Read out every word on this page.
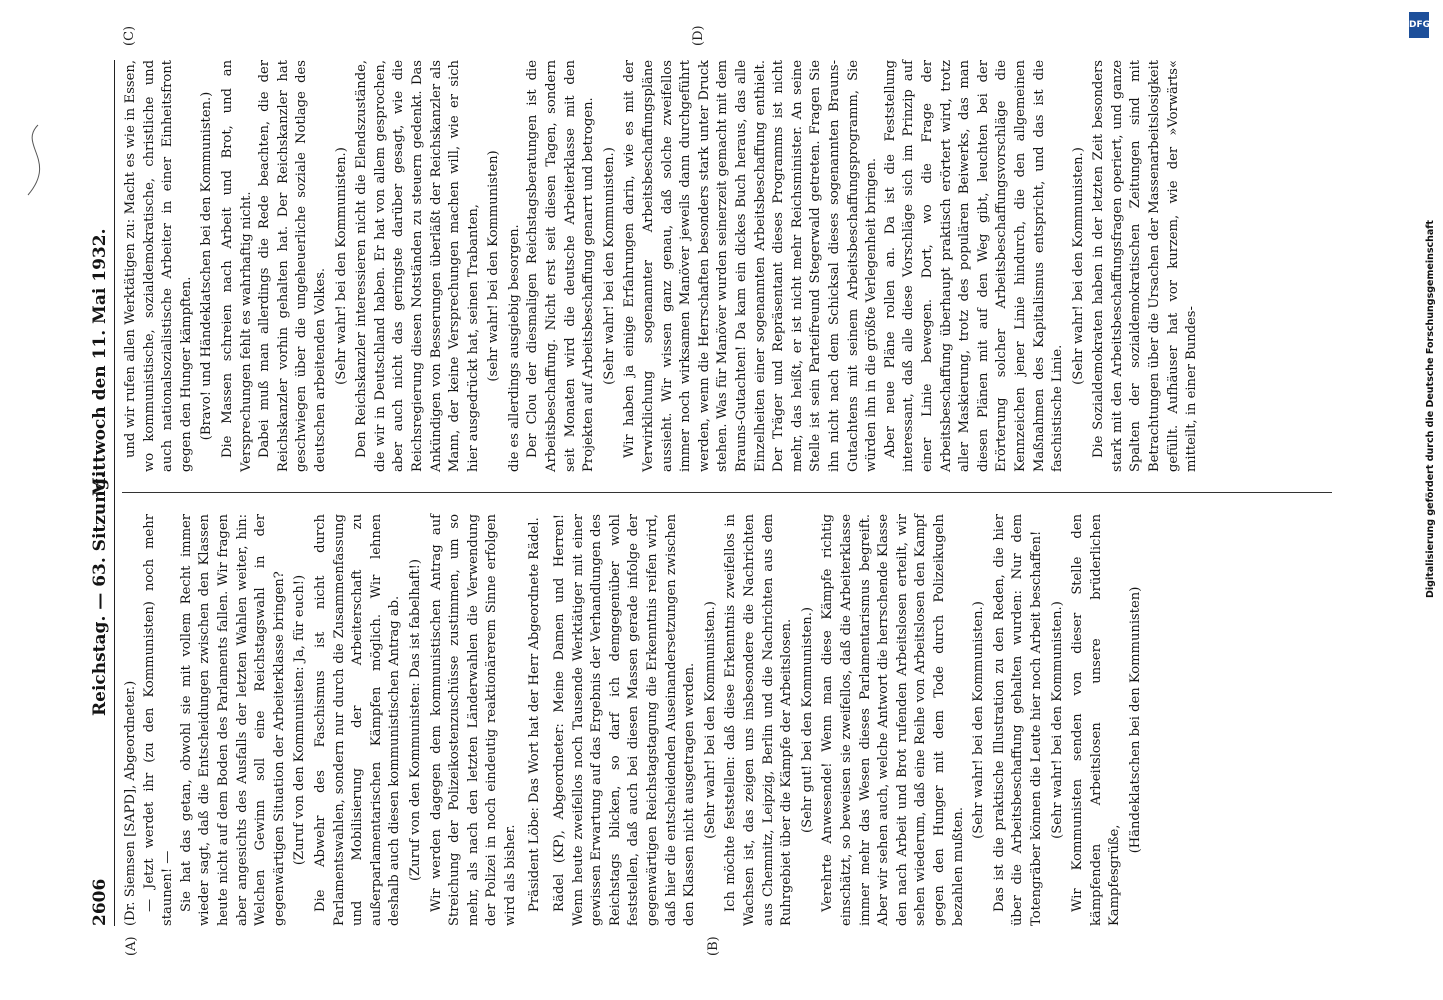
2606
Reichstag. — 63. Sitzung.
Mittwoch den 11. Mai 1932.
(A)	(B)
(C)	(D)

(Dr. Siemsen [SAPD], Abgeordneter.) — Jetzt werdet ihr (zu den Kommunisten) noch mehr staunen! — Sie hat das getan, obwohl sie mit vollem Recht immer wieder sagt, daß die Entscheidungen zwischen den Klassen heute nicht auf dem Boden des Parlaments fallen. Wir fragen aber angesichts des Ausfalls der letzten Wahlen weiter, hin: Welchen Gewinn soll eine Reichstagswahl in der gegenwärtigen Situation der Arbeiterklasse bringen? (Zuruf von den Kommunisten: Ja, für euch!) Die Abwehr des Faschismus ist nicht durch Parlamentswahlen, sondern nur durch die Zusammenfassung und Mobilisierung der Arbeiterschaft zu außerparlamentarischen Kämpfen möglich. Wir lehnen deshalb auch diesen kommunistischen Antrag ab. (Zuruf von den Kommunisten: Das ist fabelhaft!) Wir werden dagegen dem kommunistischen Antrag auf Streichung der Polizeikostenzuschüsse zustimmen, um so mehr, als nach den letzten Länderwahlen die Verwendung der Polizei in noch eindeutig reaktionärerem Sinne erfolgen wird als bisher. Präsident Löbe: Das Wort hat der Herr Abgeordnete Rädel. Rädel (KP), Abgeordneter: Meine Damen und Herren! Wenn heute zweifellos noch Tausende Werktätiger mit einer gewissen Erwartung auf das Ergebnis der Verhandlungen des Reichstags blicken, so darf ich demgegenüber wohl feststellen, daß auch bei diesen Massen gerade infolge der gegenwärtigen Reichstagstagung die Erkenntnis reifen wird, daß hier die entscheidenden Auseinandersetzungen zwischen den Klassen nicht ausgetragen werden. (Sehr wahr! bei den Kommunisten.) Ich möchte feststellen: daß diese Erkenntnis zweifellos in Wachsen ist, das zeigen uns insbesondere die Nachrichten aus Chemnitz, Leipzig, Berlin und die Nachrichten aus dem Ruhrgebiet über die Kämpfe der Arbeitslosen. (Sehr gut! bei den Kommunisten.) Verehrte Anwesende! Wenn man diese Kämpfe richtig einschätzt, so beweisen sie zweifellos, daß die Arbeiterklasse immer mehr das Wesen dieses Parlamentarismus begreift. Aber wir sehen auch, welche Antwort die herrschende Klasse den nach Arbeit und Brot rufenden Arbeitslosen erteilt, wir sehen wiederum, daß eine Reihe von Arbeitslosen den Kampf gegen den Hunger mit dem Tode durch Polizeikugeln bezahlen mußten.

(Sehr wahr! bei den Kommunisten.) Das ist die praktische Illustration zu den Reden, die hier über die Arbeitsbeschaffung gehalten wurden: Nur dem Totengräber können die Leute hier noch Arbeit beschaffen! (Sehr wahr! bei den Kommunisten.) Wir Kommunisten senden von dieser Stelle den kämpfenden Arbeitslosen unsere brüderlichen Kampfesgrüße,

(Händeklatschen bei den Kommunisten)

und wir rufen allen Werktätigen zu: Macht es wie in Essen, wo kommunistische, sozialdemokratische, christliche und auch nationalsozialistische Arbeiter in einer Einheitsfront gegen den Hunger kämpften. (Bravo! und Händeklatschen bei den Kommunisten.) Die Massen schreien nach Arbeit und Brot, und an Versprechungen fehlt es wahrhaftig nicht. Dabei muß man allerdings die Rede beachten, die der Reichskanzler vorhin gehalten hat. Der Reichskanzler hat geschwiegen über die ungeheuerliche soziale Notlage des deutschen arbeitenden Volkes. (Sehr wahr! bei den Kommunisten.) Den Reichskanzler interessieren nicht die Elendszustände, die wir in Deutschland haben. Er hat von allem gesprochen, aber auch nicht das geringste darüber gesagt, wie die Reichsregierung diesen Notständen zu steuern gedenkt. Das Ankündigen von Besserungen überläßt der Reichskanzler als Mann, der keine Versprechungen machen will, wie er sich hier ausgedrückt hat, seinen Trabanten, (sehr wahr! bei den Kommunisten) die es allerdings ausgiebig besorgen. Der Clou der diesmaligen Reichstagsberatungen ist die Arbeitsbeschaffung. Nicht erst seit diesen Tagen, sondern seit Monaten wird die deutsche Arbeiterklasse mit den Projekten auf Arbeitsbeschaffung genarrt und betrogen. (Sehr wahr! bei den Kommunisten.) Wir haben ja einige Erfahrungen darin, wie es mit der Verwirklichung sogenannter Arbeitsbeschaffungspläne aussieht. Wir wissen ganz genau, daß solche zweifellos immer noch wirksamen Manöver jeweils dann durchgeführt werden, wenn die Herrschaften besonders stark unter Druck stehen. Was für Manöver wurden seinerzeit gemacht mit dem Brauns-Gutachten! Da kam ein dickes Buch heraus, das alle Einzelheiten einer sogenannten Arbeitsbeschaffung enthielt. Der Träger und Repräsentant dieses Programms ist nicht mehr, das heißt, er ist nicht mehr Reichsminister. An seine Stelle ist sein Parteifreund Stegerwald getreten. Fragen Sie ihn nicht nach dem Schicksal dieses sogenannten Brauns-Gutachtens mit seinem Arbeitsbeschaffungsprogramm, Sie würden ihn in die größte Verlegenheit bringen. Aber neue Pläne rollen an. Da ist die Feststellung interessant, daß alle diese Vorschläge sich im Prinzip auf einer Linie bewegen. Dort, wo die Frage der Arbeitsbeschaffung überhaupt praktisch erörtert wird, trotz aller Maskierung, trotz des populären Beiwerks, das man diesen Plänen mit auf den Weg gibt, leuchten bei der Erörterung solcher Arbeitsbeschaffungsvorschläge die Kennzeichen jener Linie hindurch, die den allgemeinen Maßnahmen des Kapitalismus entspricht, und das ist die faschistische Linie.

(Sehr wahr! bei den Kommunisten.) Die Sozialdemokraten haben in der letzten Zeit besonders stark mit den Arbeitsbeschaffungsfragen operiert, und ganze Spalten der sozialdemokratischen Zeitungen sind mit Betrachtungen über die Ursachen der Massenarbeitslosigkeit gefüllt. Aufhäuser hat vor kurzem, wie der »Vorwärts« mitteilt, in einer Bundes-

DFG
Digitalisierung gefördert durch die Deutsche Forschungsgemeinschaft
